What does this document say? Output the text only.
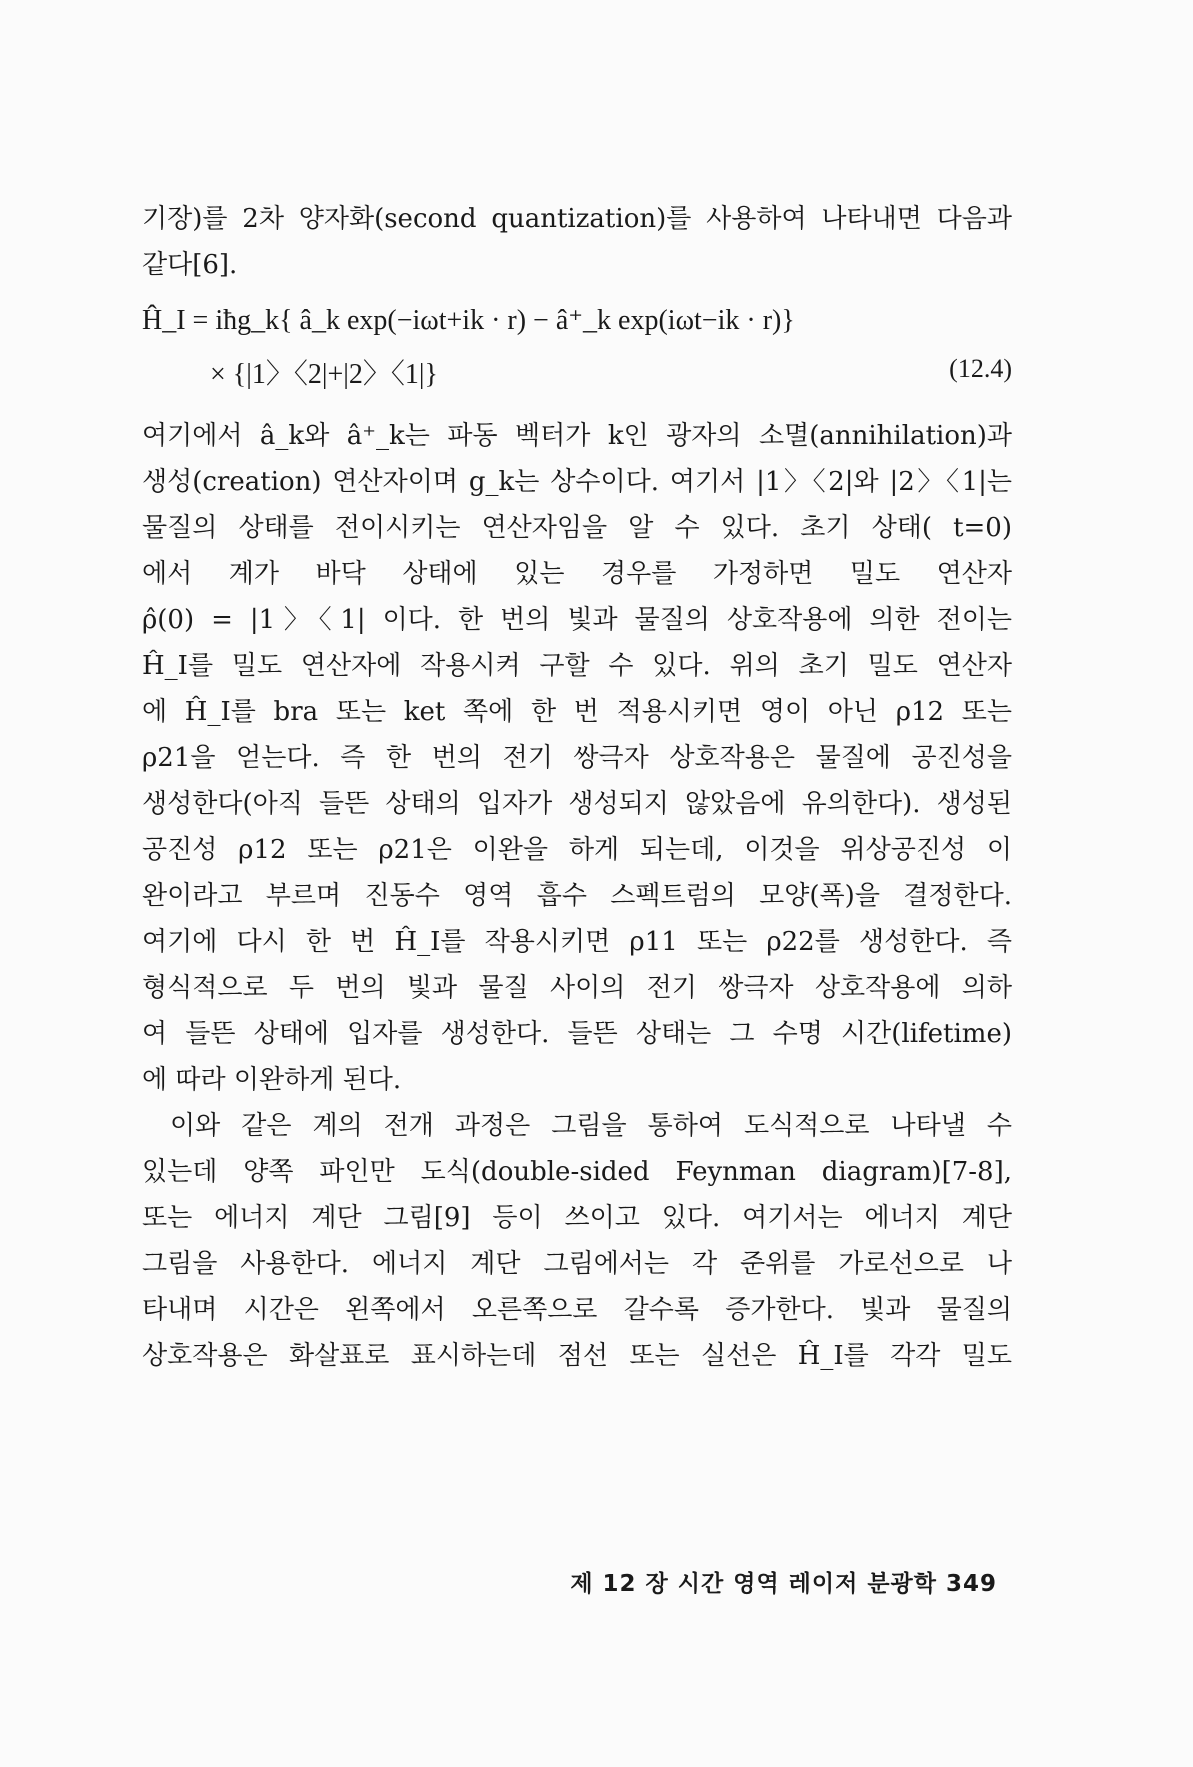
기장)를 2차 양자화(second quantization)를 사용하여 나타내면 다음과
같다[6].
Ĥ_I = iħg_k{ â_k exp(−iωt+ik · r) − â⁺_k exp(iωt−ik · r)}
× {|1〉〈2|+|2〉〈1|}	(12.4)
여기에서 â_k와 â⁺_k는 파동 벡터가 k인 광자의 소멸(annihilation)과
생성(creation) 연산자이며 g_k는 상수이다. 여기서 |1〉〈2|와 |2〉〈1|는
물질의 상태를 전이시키는 연산자임을 알 수 있다. 초기 상태( t=0)
에서 계가 바닥 상태에 있는 경우를 가정하면 밀도 연산자
ρ̂(0) = |1〉〈1| 이다. 한 번의 빛과 물질의 상호작용에 의한 전이는
Ĥ_I를 밀도 연산자에 작용시켜 구할 수 있다. 위의 초기 밀도 연산자
에 Ĥ_I를 bra 또는 ket 쪽에 한 번 적용시키면 영이 아닌 ρ12 또는
ρ21을 얻는다. 즉 한 번의 전기 쌍극자 상호작용은 물질에 공진성을
생성한다(아직 들뜬 상태의 입자가 생성되지 않았음에 유의한다). 생성된
공진성 ρ12 또는 ρ21은 이완을 하게 되는데, 이것을 위상공진성 이
완이라고 부르며 진동수 영역 흡수 스펙트럼의 모양(폭)을 결정한다.
여기에 다시 한 번 Ĥ_I를 작용시키면 ρ11 또는 ρ22를 생성한다. 즉
형식적으로 두 번의 빛과 물질 사이의 전기 쌍극자 상호작용에 의하
여 들뜬 상태에 입자를 생성한다. 들뜬 상태는 그 수명 시간(lifetime)
에 따라 이완하게 된다.
이와 같은 계의 전개 과정은 그림을 통하여 도식적으로 나타낼 수
있는데 양쪽 파인만 도식(double-sided Feynman diagram)[7-8],
또는 에너지 계단 그림[9] 등이 쓰이고 있다. 여기서는 에너지 계단
그림을 사용한다. 에너지 계단 그림에서는 각 준위를 가로선으로 나
타내며 시간은 왼쪽에서 오른쪽으로 갈수록 증가한다. 빛과 물질의
상호작용은 화살표로 표시하는데 점선 또는 실선은 Ĥ_I를 각각 밀도
제 12 장 시간 영역 레이저 분광학 349
